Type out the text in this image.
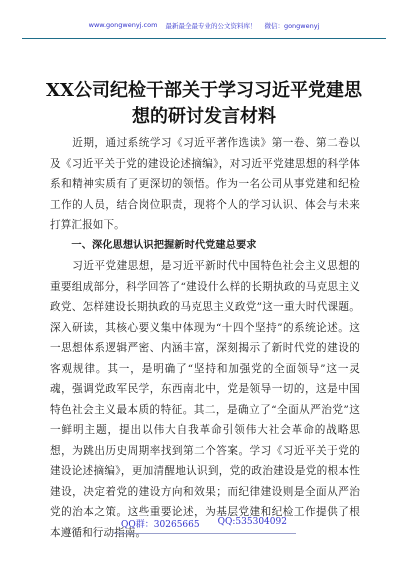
www.gongwenyj.com 最新最全最专业的公文资料库！ 微信：gongwenyj
XX公司纪检干部关于学习习近平党建思
想的研讨发言材料

近期，通过系统学习《习近平著作选读》第一卷、第二卷以及《习近平关于党的建设论述摘编》，对习近平党建思想的科学体系和精神实质有了更深切的领悟。作为一名公司从事党建和纪检工作的人员，结合岗位职责，现将个人的学习认识、体会与未来打算汇报如下。

一、深化思想认识把握新时代党建总要求

习近平党建思想，是习近平新时代中国特色社会主义思想的重要组成部分，科学回答了“建设什么样的长期执政的马克思主义政党、怎样建设长期执政的马克思主义政党”这一重大时代课题。深入研读，其核心要义集中体现为“十四个坚持”的系统论述。这一思想体系逻辑严密、内涵丰富，深刻揭示了新时代党的建设的客观规律。其一，是明确了“坚持和加强党的全面领导”这一灵魂，强调党政军民学，东西南北中，党是领导一切的，这是中国特色社会主义最本质的特征。其二，是确立了“全面从严治党”这一鲜明主题，提出以伟大自我革命引领伟大社会革命的战略思想，为跳出历史周期率找到第二个答案。学习《习近平关于党的建设论述摘编》，更加清醒地认识到，党的政治建设是党的根本性建设，决定着党的建设方向和效果；而纪律建设则是全面从严治党的治本之策。这些重要论述，为基层党建和纪检工作提供了根本遵循和行动指南。

QQ群：30265665 QQ:535304092
